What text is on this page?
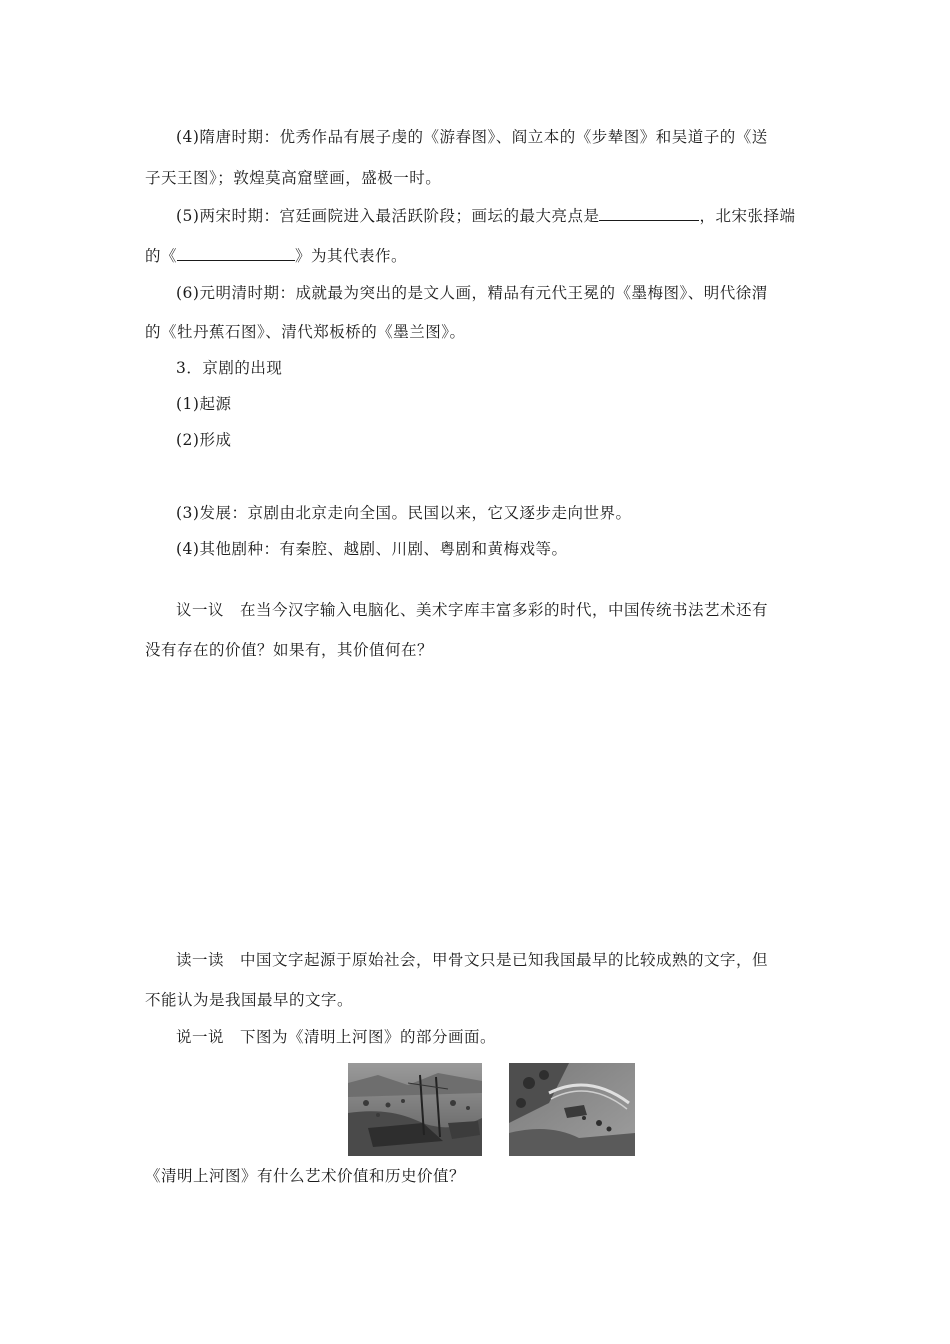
(4)隋唐时期：优秀作品有展子虔的《游春图》、阎立本的《步辇图》和吴道子的《送
子天王图》；敦煌莫高窟壁画，盛极一时。
(5)两宋时期：宫廷画院进入最活跃阶段；画坛的最大亮点是	，北宋张择端
的《	》为其代表作。
(6)元明清时期：成就最为突出的是文人画，精品有元代王冕的《墨梅图》、明代徐渭
的《牡丹蕉石图》、清代郑板桥的《墨兰图》。
3．京剧的出现
(1)起源
(2)形成
(3)发展：京剧由北京走向全国。民国以来，它又逐步走向世界。
(4)其他剧种：有秦腔、越剧、川剧、粤剧和黄梅戏等。
议一议　在当今汉字输入电脑化、美术字库丰富多彩的时代，中国传统书法艺术还有
没有存在的价值？如果有，其价值何在？
读一读　中国文字起源于原始社会，甲骨文只是已知我国最早的比较成熟的文字，但
不能认为是我国最早的文字。
说一说　下图为《清明上河图》的部分画面。
《清明上河图》有什么艺术价值和历史价值？
